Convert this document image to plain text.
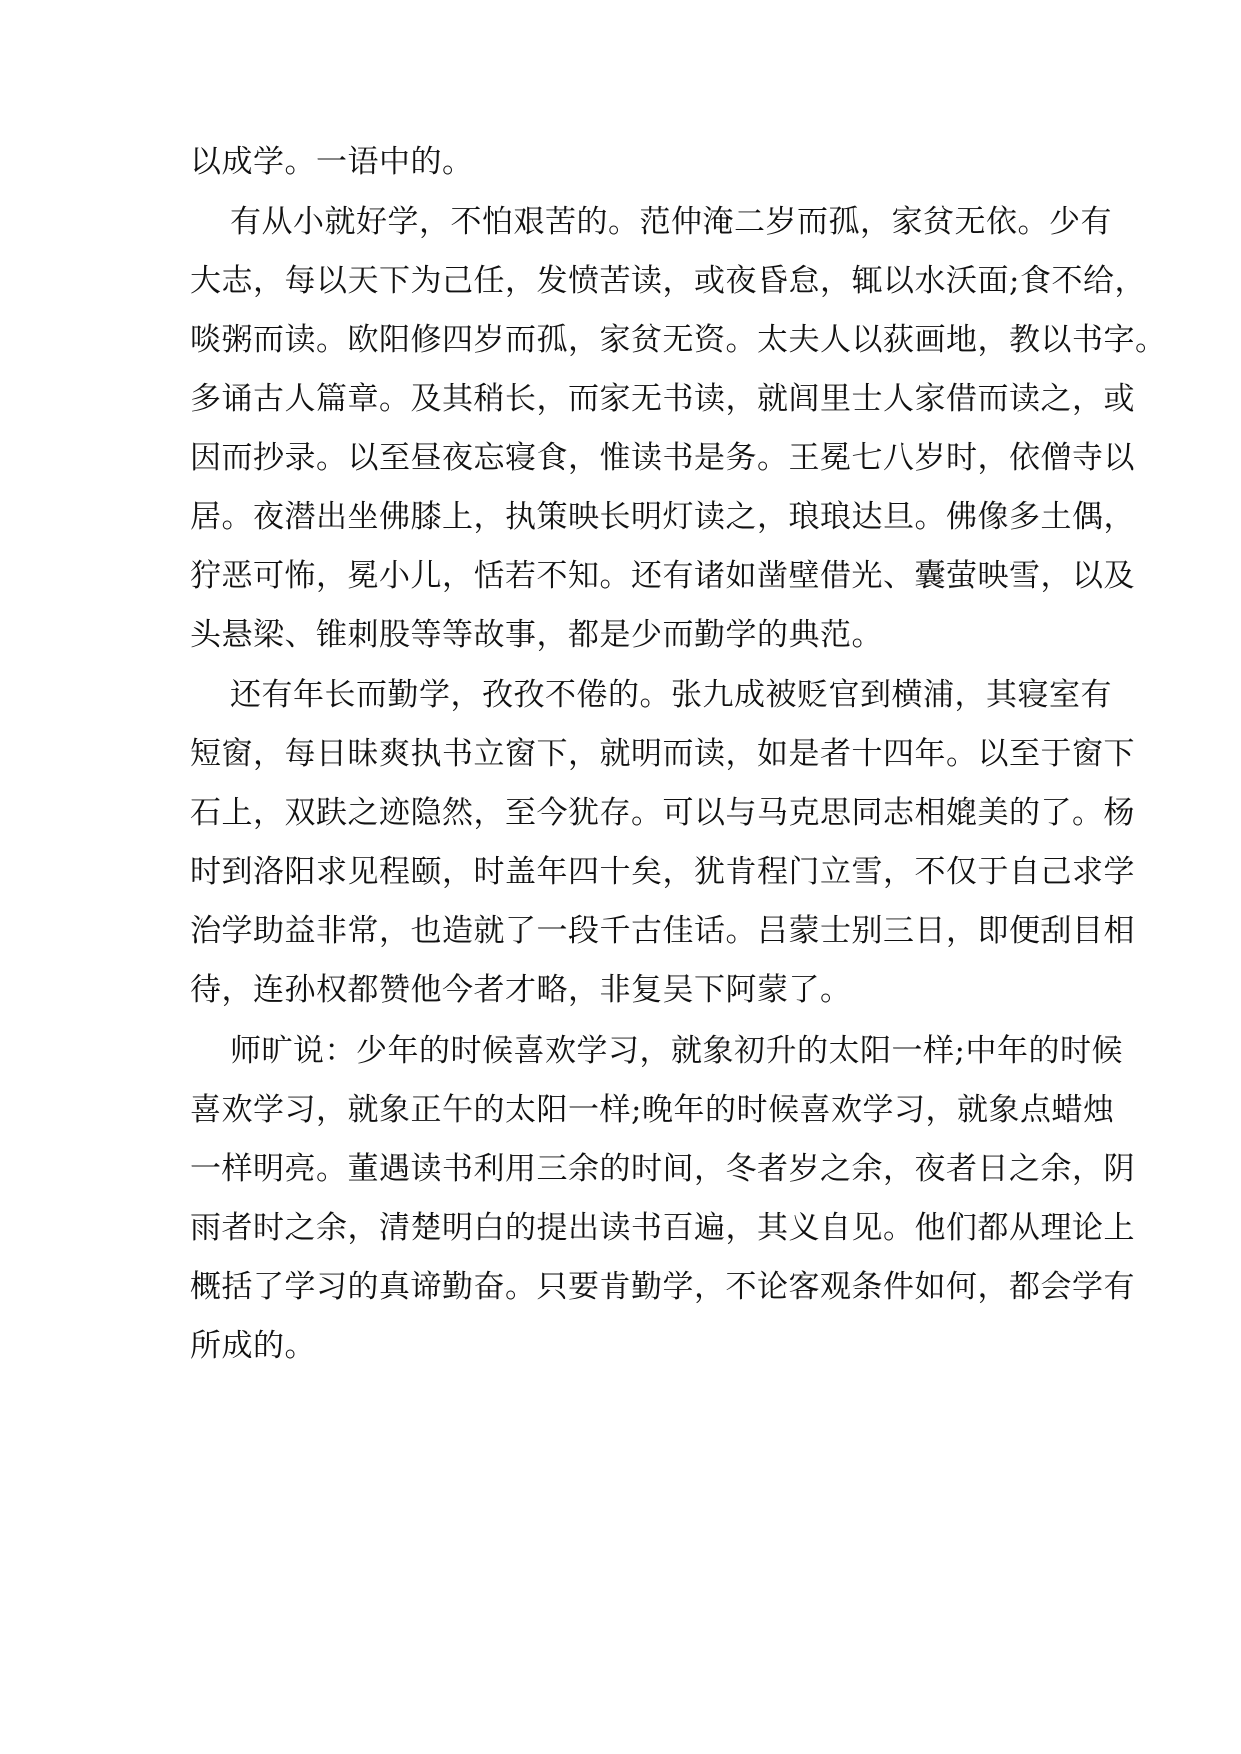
以成学。一语中的。
有从小就好学，不怕艰苦的。范仲淹二岁而孤，家贫无依。少有
大志，每以天下为己任，发愤苦读，或夜昏怠，辄以水沃面;食不给，
啖粥而读。欧阳修四岁而孤，家贫无资。太夫人以荻画地，教以书字。
多诵古人篇章。及其稍长，而家无书读，就闾里士人家借而读之，或
因而抄录。以至昼夜忘寝食，惟读书是务。王冕七八岁时，依僧寺以
居。夜潜出坐佛膝上，执策映长明灯读之，琅琅达旦。佛像多土偶，
狞恶可怖，冕小儿，恬若不知。还有诸如凿壁借光、囊萤映雪，以及
头悬梁、锥刺股等等故事，都是少而勤学的典范。
还有年长而勤学，孜孜不倦的。张九成被贬官到横浦，其寝室有
短窗，每日昧爽执书立窗下，就明而读，如是者十四年。以至于窗下
石上，双趺之迹隐然，至今犹存。可以与马克思同志相媲美的了。杨
时到洛阳求见程颐，时盖年四十矣，犹肯程门立雪，不仅于自己求学
治学助益非常，也造就了一段千古佳话。吕蒙士别三日，即便刮目相
待，连孙权都赞他今者才略，非复吴下阿蒙了。
师旷说：少年的时候喜欢学习，就象初升的太阳一样;中年的时候
喜欢学习，就象正午的太阳一样;晚年的时候喜欢学习，就象点蜡烛
一样明亮。董遇读书利用三余的时间，冬者岁之余，夜者日之余，阴
雨者时之余，清楚明白的提出读书百遍，其义自见。他们都从理论上
概括了学习的真谛勤奋。只要肯勤学，不论客观条件如何，都会学有
所成的。
